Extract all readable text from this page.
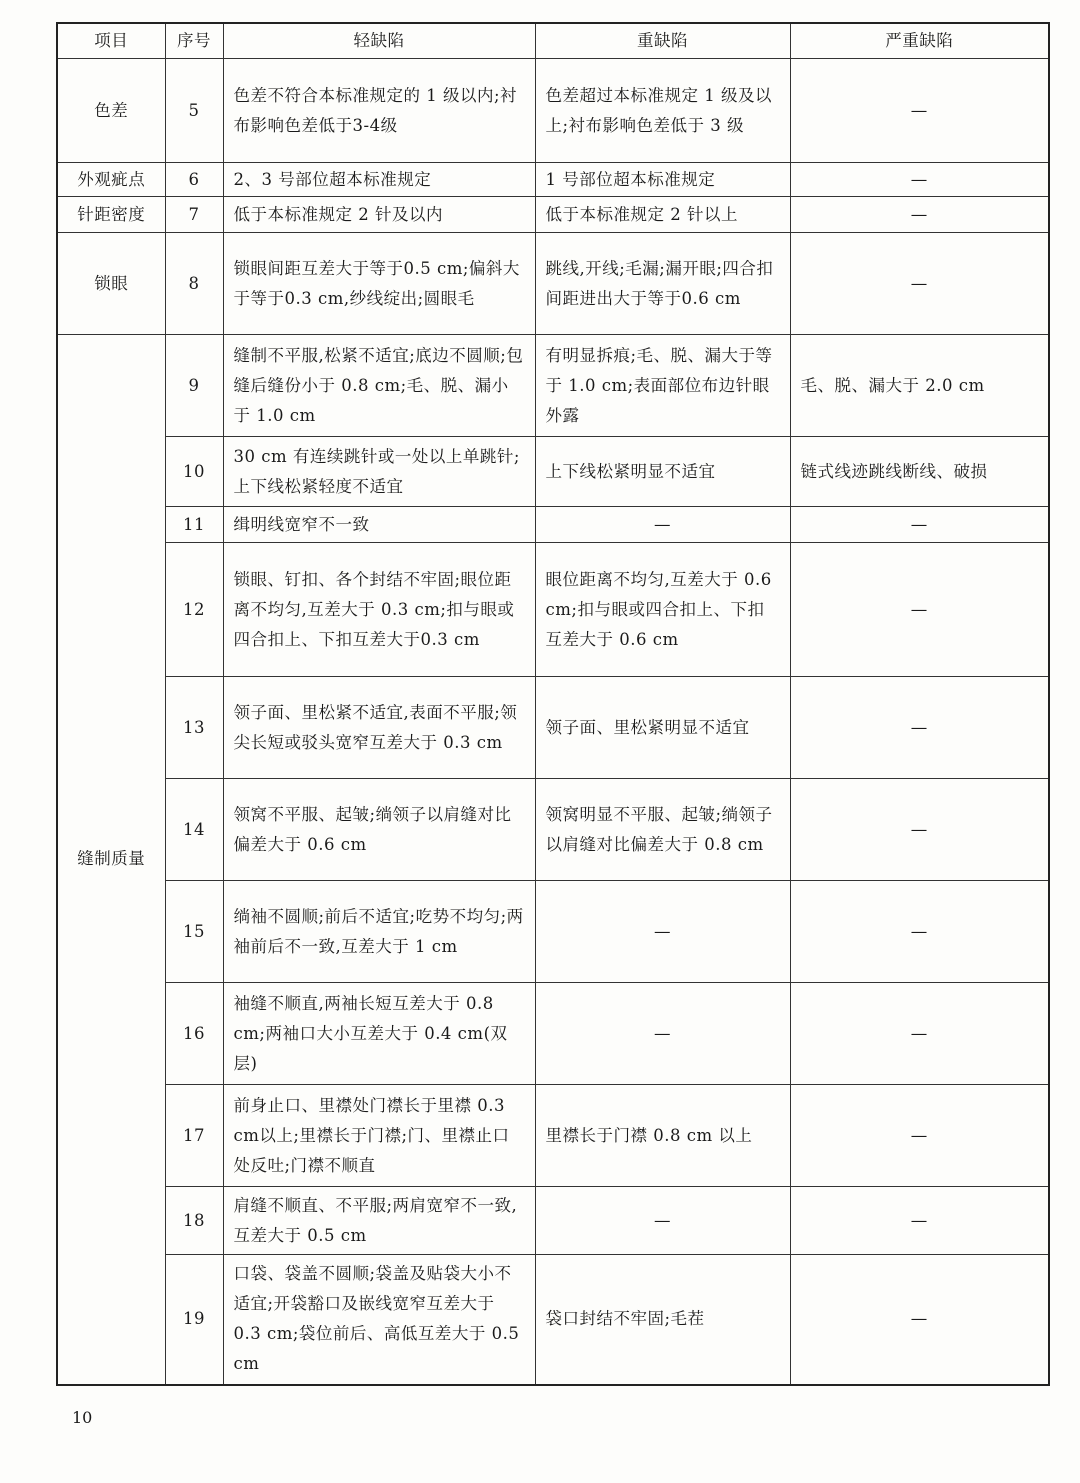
项目	序号	轻缺陷	重缺陷	严重缺陷
色差	5	色差不符合本标准规定的 1 级以内;衬布影响色差低于3-4级	色差超过本标准规定 1 级及以上;衬布影响色差低于 3 级	—
外观疵点	6	2、3 号部位超本标准规定	1 号部位超本标准规定	—
针距密度	7	低于本标准规定 2 针及以内	低于本标准规定 2 针以上	—
锁眼	8	锁眼间距互差大于等于0.5 cm;偏斜大于等于0.3 cm,纱线绽出;圆眼毛	跳线,开线;毛漏;漏开眼;四合扣间距进出大于等于0.6 cm	—
缝制质量	9	缝制不平服,松紧不适宜;底边不圆顺;包缝后缝份小于 0.8 cm;毛、脱、漏小于 1.0 cm	有明显拆痕;毛、脱、漏大于等于 1.0 cm;表面部位布边针眼外露	毛、脱、漏大于 2.0 cm
	10	30 cm 有连续跳针或一处以上单跳针;上下线松紧轻度不适宜	上下线松紧明显不适宜	链式线迹跳线断线、破损
	11	缉明线宽窄不一致	—	—
	12	锁眼、钉扣、各个封结不牢固;眼位距离不均匀,互差大于 0.3 cm;扣与眼或四合扣上、下扣互差大于0.3 cm	眼位距离不均匀,互差大于 0.6 cm;扣与眼或四合扣上、下扣互差大于 0.6 cm	—
	13	领子面、里松紧不适宜,表面不平服;领尖长短或驳头宽窄互差大于 0.3 cm	领子面、里松紧明显不适宜	—
	14	领窝不平服、起皱;绱领子以肩缝对比偏差大于 0.6 cm	领窝明显不平服、起皱;绱领子以肩缝对比偏差大于 0.8 cm	—
	15	绱袖不圆顺;前后不适宜;吃势不均匀;两袖前后不一致,互差大于 1 cm	—	—
	16	袖缝不顺直,两袖长短互差大于 0.8 cm;两袖口大小互差大于 0.4 cm(双层)	—	—
	17	前身止口、里襟处门襟长于里襟 0.3 cm以上;里襟长于门襟;门、里襟止口处反吐;门襟不顺直	里襟长于门襟 0.8 cm 以上	—
	18	肩缝不顺直、不平服;两肩宽窄不一致,互差大于 0.5 cm	—	—
	19	口袋、袋盖不圆顺;袋盖及贴袋大小不适宜;开袋豁口及嵌线宽窄互差大于 0.3 cm;袋位前后、高低互差大于 0.5 cm	袋口封结不牢固;毛茬	—
10
